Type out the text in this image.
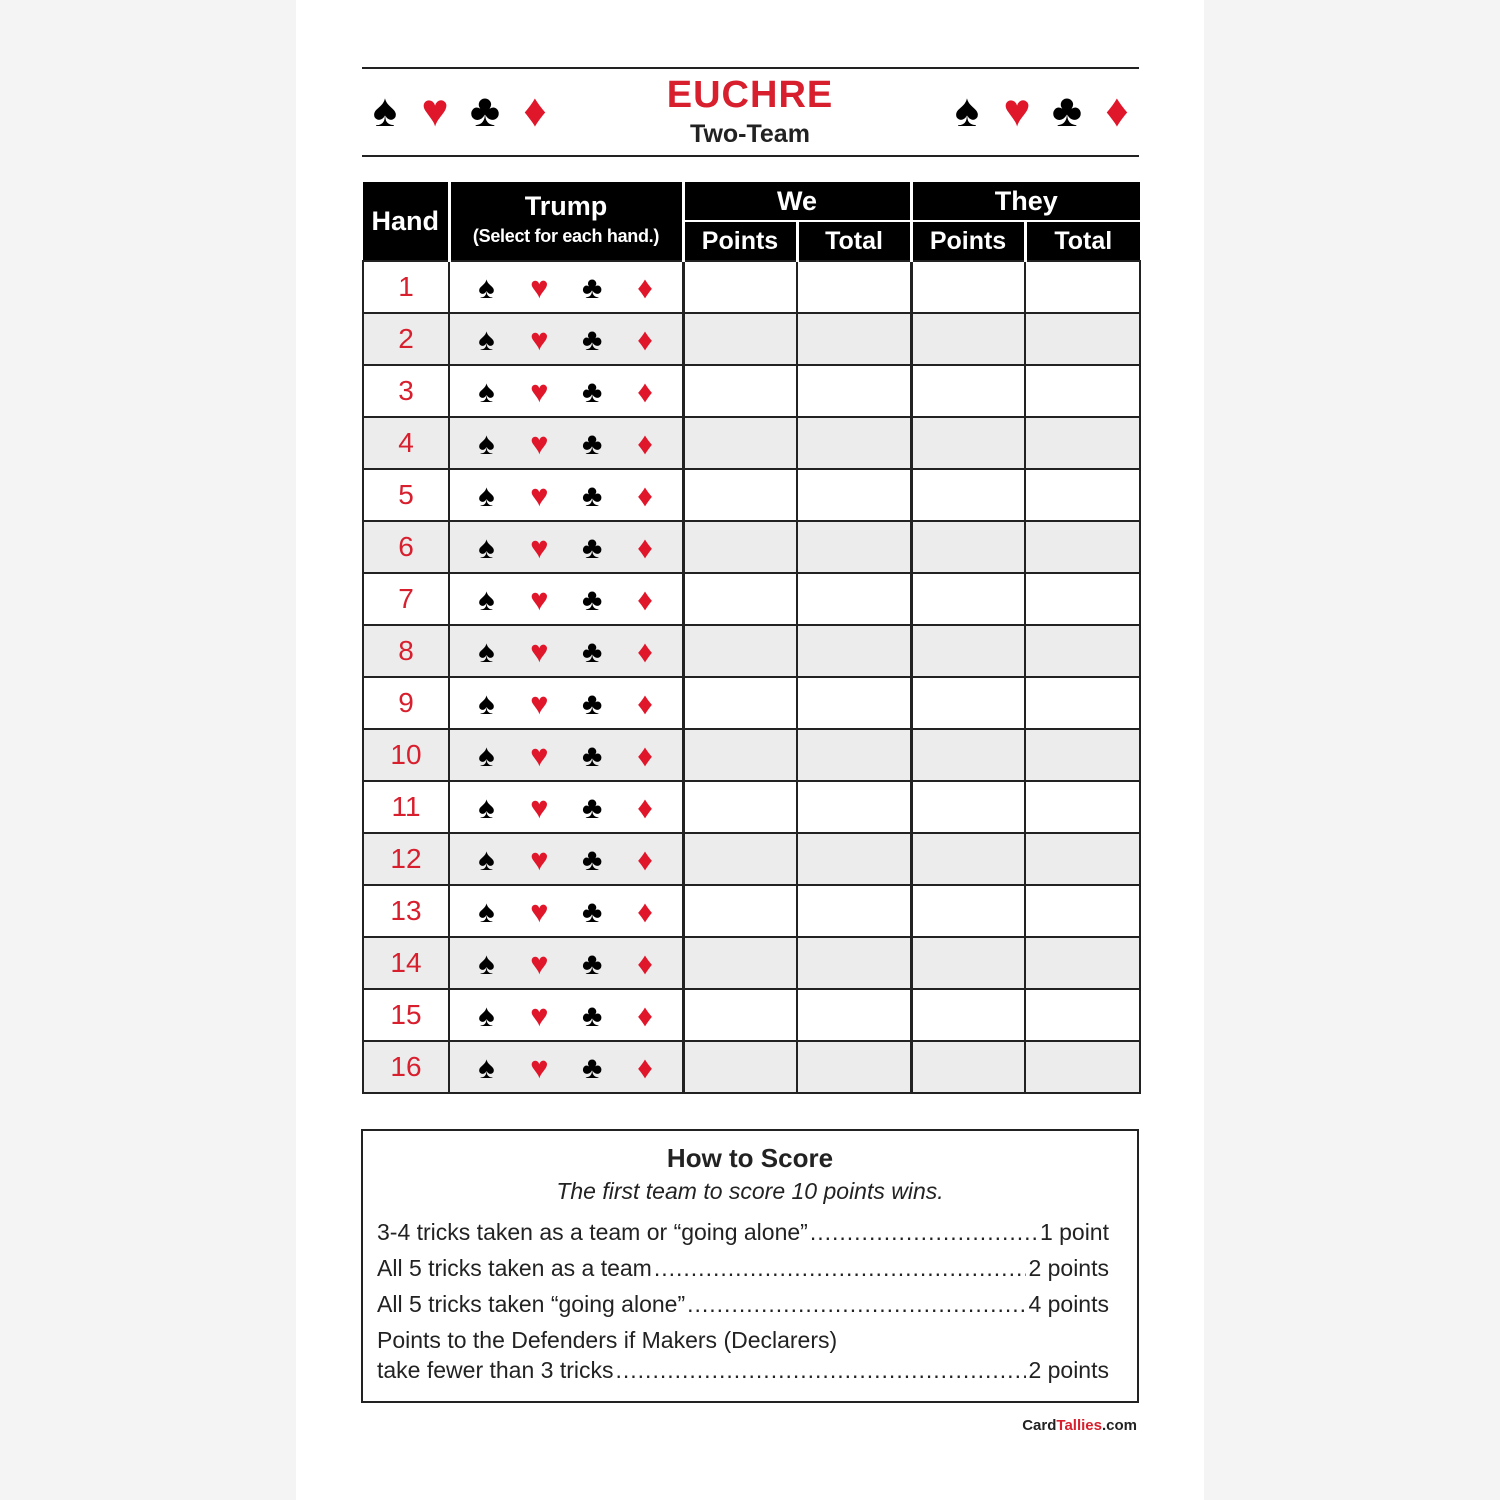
♠ ♥ ♣ ♦	EUCHRE
Two-Team	♠ ♥ ♣ ♦
Hand	Trump
(Select for each hand.)	We		They	
		Points	Total	Points	Total
1	♠ ♥ ♣ ♦				

2	♠ ♥ ♣ ♦				

3	♠ ♥ ♣ ♦				

4	♠ ♥ ♣ ♦				

5	♠ ♥ ♣ ♦				

6	♠ ♥ ♣ ♦				

7	♠ ♥ ♣ ♦				

8	♠ ♥ ♣ ♦				

9	♠ ♥ ♣ ♦				

10	♠ ♥ ♣ ♦				

11	♠ ♥ ♣ ♦				

12	♠ ♥ ♣ ♦				

13	♠ ♥ ♣ ♦				

14	♠ ♥ ♣ ♦				

15	♠ ♥ ♣ ♦				

16	♠ ♥ ♣ ♦				

How to Score
The first team to score 10 points wins.
3-4 tricks taken as a team or “going alone” .....	1 point
All 5 tricks taken as a team .....	2 points
All 5 tricks taken “going alone” .....	4 points
Points to the Defenders if Makers (Declarers)
take fewer than 3 tricks .....	2 points
CardTallies.com
